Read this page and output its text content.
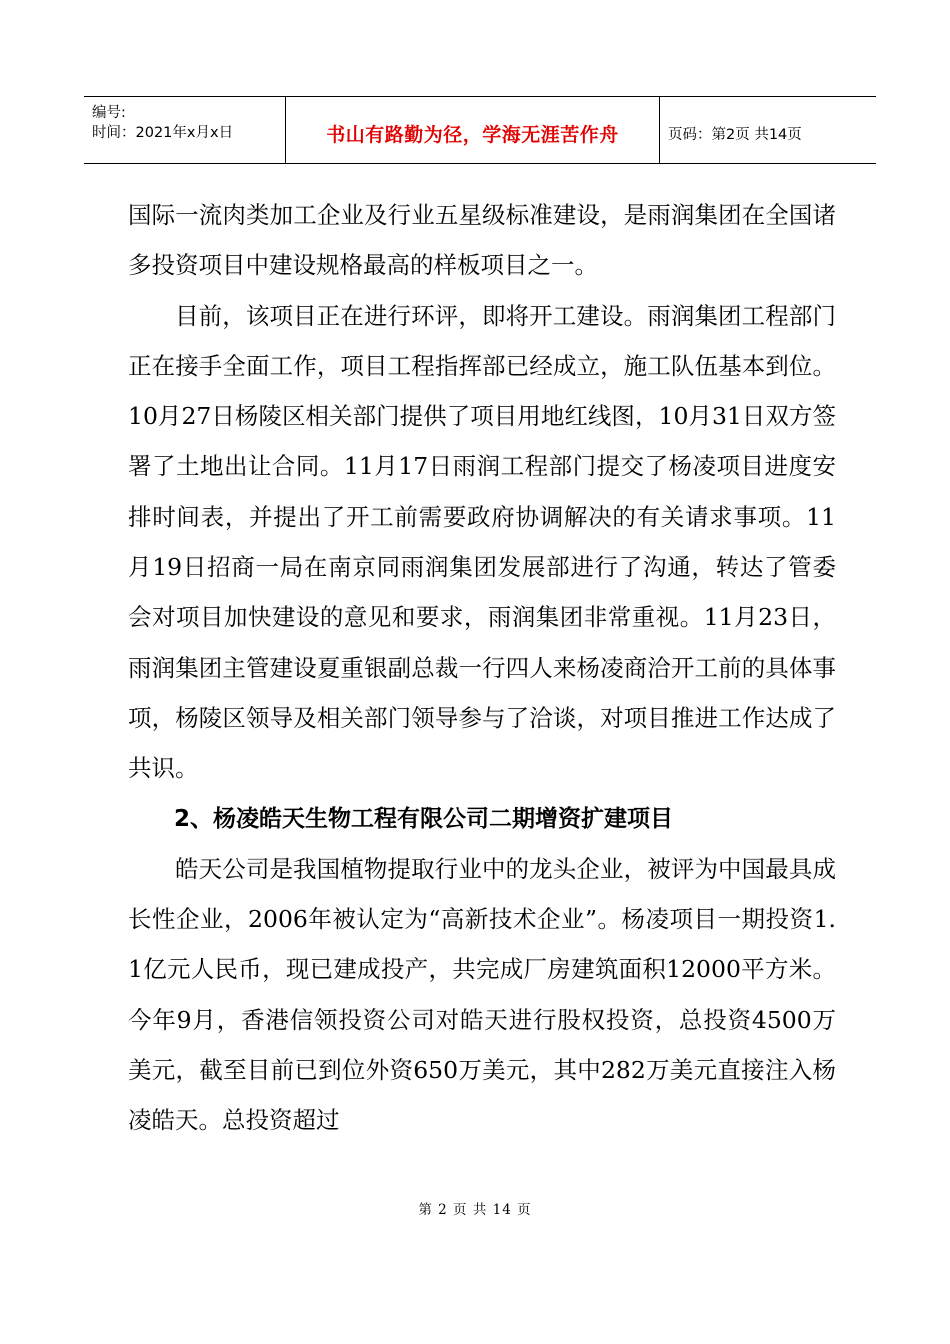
编号:
时间：2021年x月x日	书山有路勤为径，学海无涯苦作舟	页码：第2页 共14页

国际一流肉类加工企业及行业五星级标准建设，是雨润集团在全国诸多投资项目中建设规格最高的样板项目之一。

目前，该项目正在进行环评，即将开工建设。雨润集团工程部门正在接手全面工作，项目工程指挥部已经成立，施工队伍基本到位。10月27日杨陵区相关部门提供了项目用地红线图，10月31日双方签署了土地出让合同。11月17日雨润工程部门提交了杨凌项目进度安排时间表，并提出了开工前需要政府协调解决的有关请求事项。11月19日招商一局在南京同雨润集团发展部进行了沟通，转达了管委会对项目加快建设的意见和要求，雨润集团非常重视。11月23日，雨润集团主管建设夏重银副总裁一行四人来杨凌商洽开工前的具体事项，杨陵区领导及相关部门领导参与了洽谈，对项目推进工作达成了共识。

2、杨凌皓天生物工程有限公司二期增资扩建项目

皓天公司是我国植物提取行业中的龙头企业，被评为中国最具成长性企业，2006年被认定为“高新技术企业”。杨凌项目一期投资1.1亿元人民币，现已建成投产，共完成厂房建筑面积12000平方米。今年9月，香港信领投资公司对皓天进行股权投资，总投资4500万美元，截至目前已到位外资650万美元，其中282万美元直接注入杨凌皓天。总投资超过

第 2 页 共 14 页
